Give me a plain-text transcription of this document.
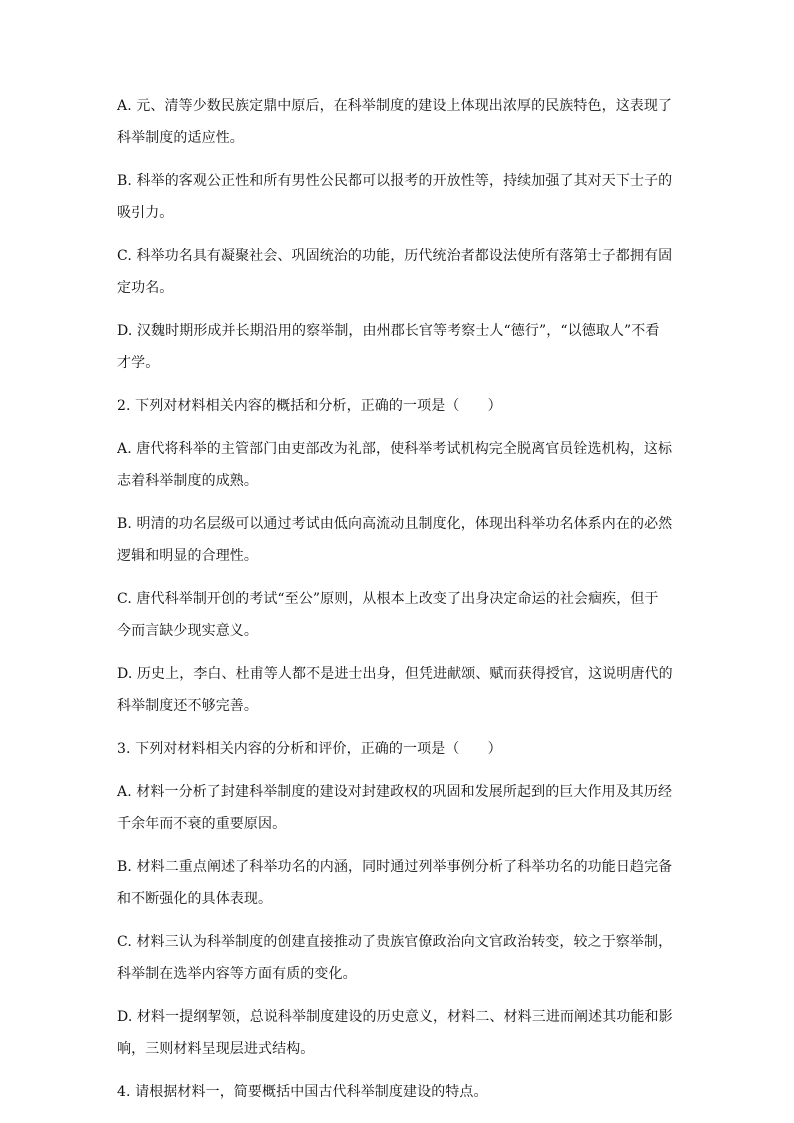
A. 元、清等少数民族定鼎中原后，在科举制度的建设上体现出浓厚的民族特色，这表现了
科举制度的适应性。
B. 科举的客观公正性和所有男性公民都可以报考的开放性等，持续加强了其对天下士子的
吸引力。
C. 科举功名具有凝聚社会、巩固统治的功能，历代统治者都设法使所有落第士子都拥有固
定功名。
D. 汉魏时期形成并长期沿用的察举制，由州郡长官等考察士人“德行”，“以德取人”不看
才学。
2. 下列对材料相关内容的概括和分析，正确的一项是（　　）
A. 唐代将科举的主管部门由吏部改为礼部，使科举考试机构完全脱离官员铨选机构，这标
志着科举制度的成熟。
B. 明清的功名层级可以通过考试由低向高流动且制度化，体现出科举功名体系内在的必然
逻辑和明显的合理性。
C. 唐代科举制开创的考试“至公”原则，从根本上改变了出身决定命运的社会痼疾，但于
今而言缺少现实意义。
D. 历史上，李白、杜甫等人都不是进士出身，但凭进献颂、赋而获得授官，这说明唐代的
科举制度还不够完善。
3. 下列对材料相关内容的分析和评价，正确的一项是（　　）
A. 材料一分析了封建科举制度的建设对封建政权的巩固和发展所起到的巨大作用及其历经
千余年而不衰的重要原因。
B. 材料二重点阐述了科举功名的内涵，同时通过列举事例分析了科举功名的功能日趋完备
和不断强化的具体表现。
C. 材料三认为科举制度的创建直接推动了贵族官僚政治向文官政治转变，较之于察举制，
科举制在选举内容等方面有质的变化。
D. 材料一提纲挈领，总说科举制度建设的历史意义，材料二、材料三进而阐述其功能和影
响，三则材料呈现层进式结构。
4. 请根据材料一，简要概括中国古代科举制度建设的特点。
